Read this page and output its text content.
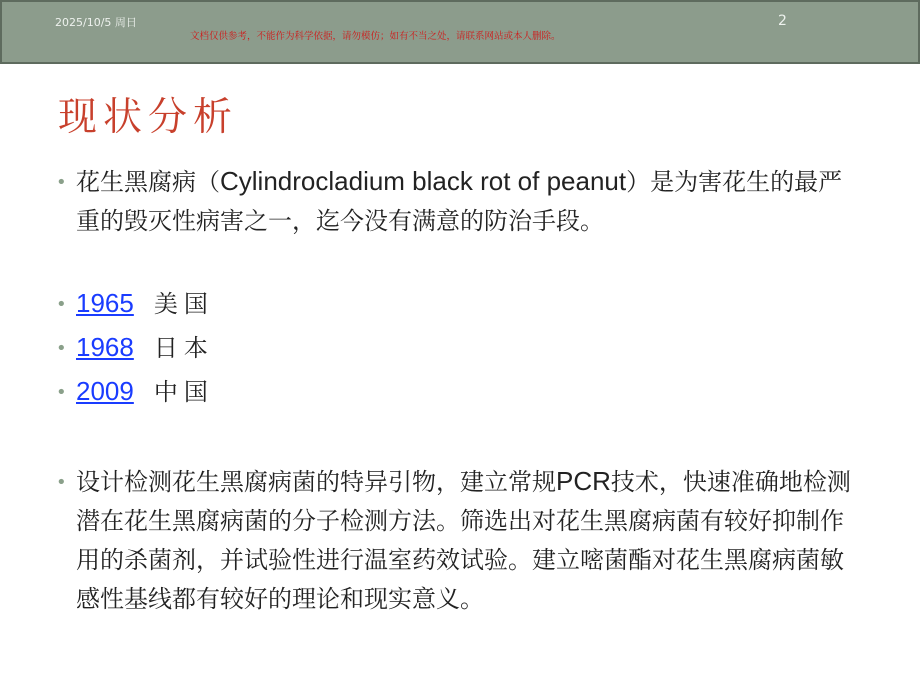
2025/10/5 周日
文档仅供参考，不能作为科学依据，请勿模仿；如有不当之处，请联系网站或本人删除。
2
现状分析
• 花生黑腐病（Cylindrocladium black rot of peanut）是为害花生的最严重的毁灭性病害之一，迄今没有满意的防治手段。
• 1965 美国
• 1968 日本
• 2009 中国
• 设计检测花生黑腐病菌的特异引物，建立常规PCR技术，快速准确地检测潜在花生黑腐病菌的分子检测方法。筛选出对花生黑腐病菌有较好抑制作用的杀菌剂，并试验性进行温室药效试验。建立嘧菌酯对花生黑腐病菌敏感性基线都有较好的理论和现实意义。
